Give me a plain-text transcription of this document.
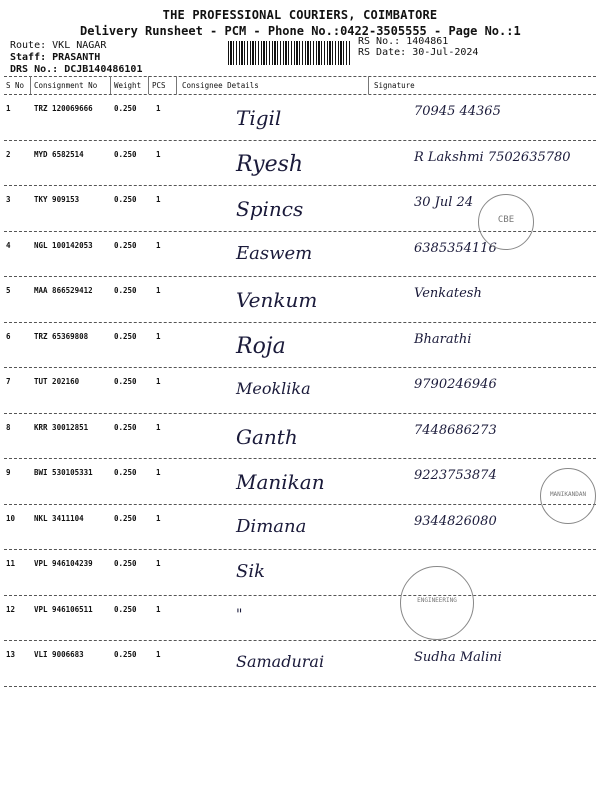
THE PROFESSIONAL COURIERS, COIMBATORE
Delivery Runsheet - PCM - Phone No.:0422-3505555 - Page No.:1
Route: VKL NAGAR
Staff: PRASANTH
DRS No.: DCJB140486101
RS No.: 1404861
RS Date: 30-Jul-2024
S No Consignment No Weight PCS Consignee Details	Signature
1	TRZ 120069666	0.250	1	Tigil	70945 44365
2	MYD 6582514	0.250	1	Ryesh	R Lakshmi 7502635780
3	TKY 909153	0.250	1	Spincs	30 Jul 24
4	NGL 100142053	0.250	1	Easwem	6385354116
5	MAA 866529412	0.250	1	Venkum	Venkatesh
6	TRZ 65369808	0.250	1	Roja	Bharathi
7	TUT 202160	0.250	1	Meoklika	9790246946
8	KRR 30012851	0.250	1	Ganth	7448686273
9	BWI 530105331	0.250	1	Manikan	9223753874
10	NKL 3411104	0.250	1	Dimana	9344826080
11	VPL 946104239	0.250	1	Sik
12	VPL 946106511	0.250	1	"
13	VLI 9006683	0.250	1	Samadurai	Sudha Malini
CBE
MANIKANDAN
ENGINEERING
